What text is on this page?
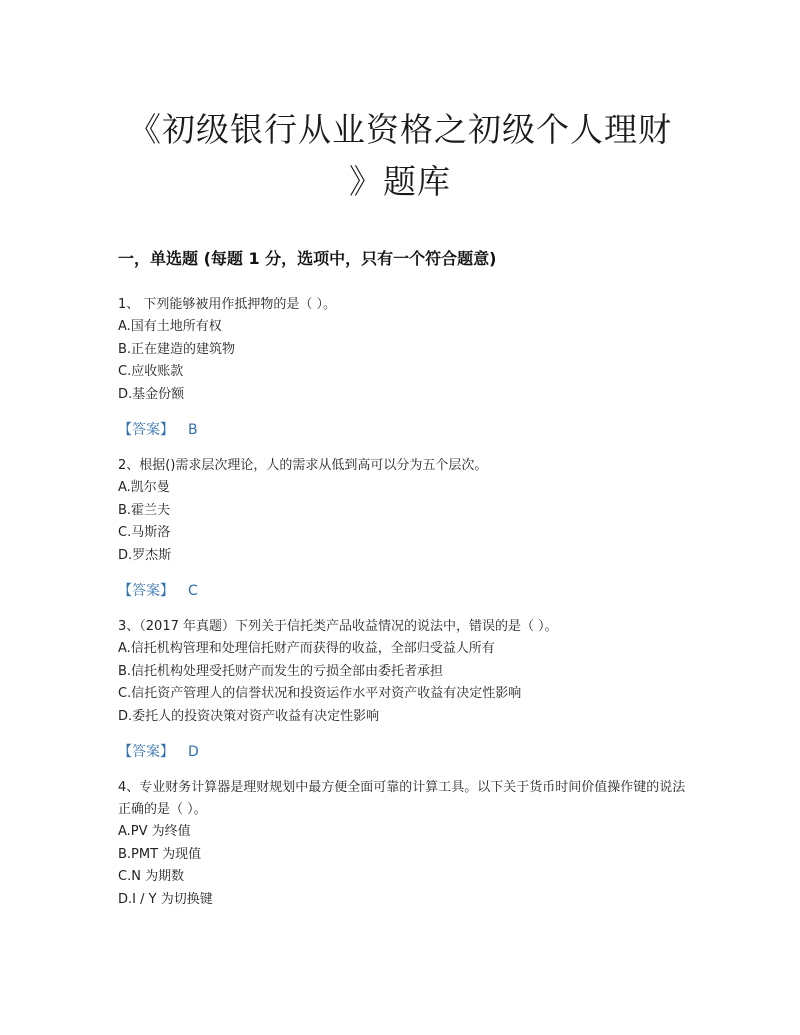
《初级银行从业资格之初级个人理财
》题库
一，单选题 (每题 1 分，选项中，只有一个符合题意)
1、 下列能够被用作抵押物的是（ ）。
A.国有土地所有权
B.正在建造的建筑物
C.应收账款
D.基金份额
【答案】 B
2、根据()需求层次理论，人的需求从低到高可以分为五个层次。
A.凯尔曼
B.霍兰夫
C.马斯洛
D.罗杰斯
【答案】 C
3、（2017 年真题）下列关于信托类产品收益情况的说法中，错误的是（ ）。
A.信托机构管理和处理信托财产而获得的收益，全部归受益人所有
B.信托机构处理受托财产而发生的亏损全部由委托者承担
C.信托资产管理人的信誉状况和投资运作水平对资产收益有决定性影响
D.委托人的投资决策对资产收益有决定性影响
【答案】 D
4、专业财务计算器是理财规划中最方便全面可靠的计算工具。以下关于货币时间价值操作键的说法正确的是（ ）。
A.PV 为终值
B.PMT 为现值
C.N 为期数
D.I / Y 为切换键
